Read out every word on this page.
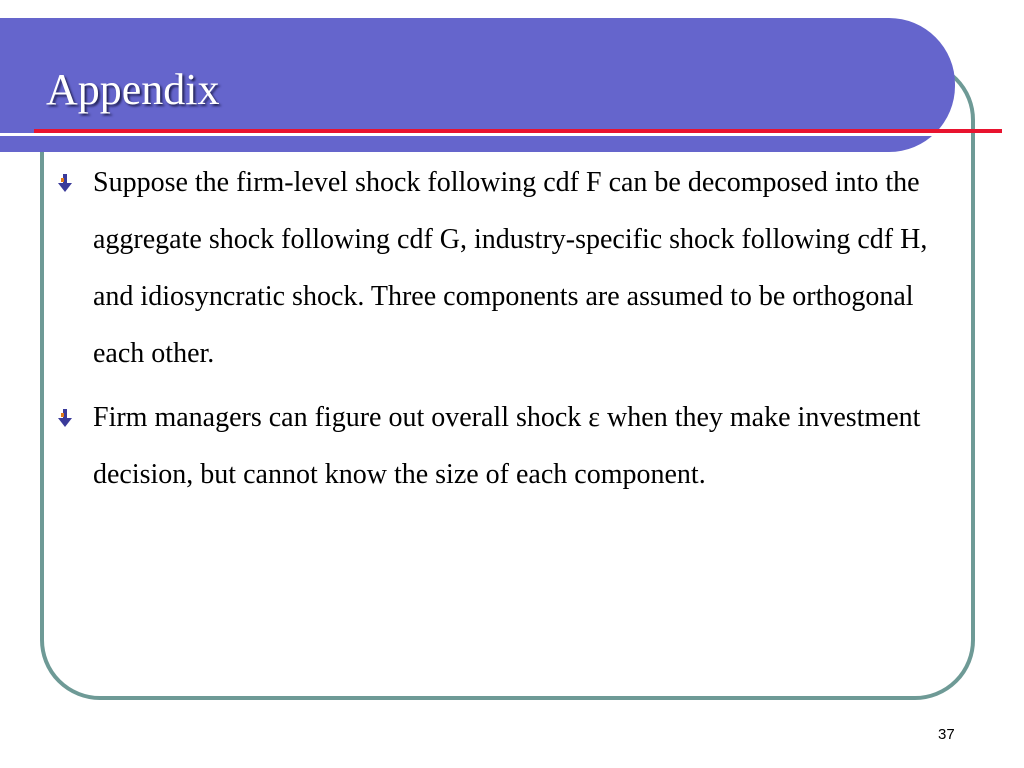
Appendix
Suppose the firm-level shock following cdf F can be decomposed into the aggregate shock following cdf G, industry-specific shock following cdf H, and idiosyncratic shock. Three components are assumed to be orthogonal each other.
Firm managers can figure out overall shock ε when they make investment decision, but cannot know the size of each component.
37
